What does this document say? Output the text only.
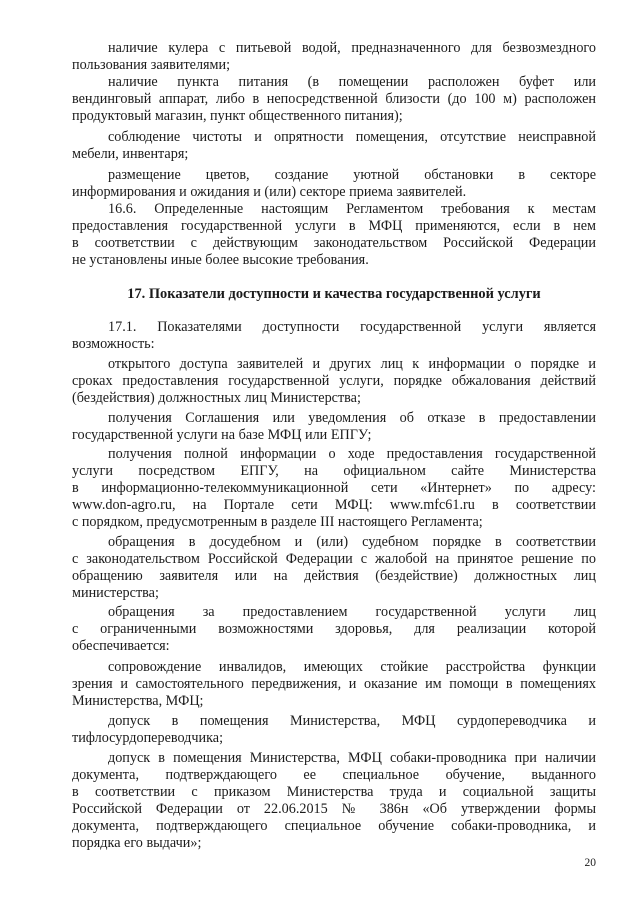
наличие кулера с питьевой водой, предназначенного для безвозмездного
пользования заявителями;
наличие пункта питания (в помещении расположен буфет или
вендинговый аппарат, либо в непосредственной близости (до 100 м) расположен
продуктовый магазин, пункт общественного питания);
соблюдение чистоты и опрятности помещения, отсутствие неисправной
мебели, инвентаря;
размещение цветов, создание уютной обстановки в секторе
информирования и ожидания и (или) секторе приема заявителей.
16.6. Определенные настоящим Регламентом требования к местам
предоставления государственной услуги в МФЦ применяются, если в нем
в соответствии с действующим законодательством Российской Федерации
не установлены иные более высокие требования.
17. Показатели доступности и качества государственной услуги
17.1. Показателями доступности государственной услуги является
возможность:
открытого доступа заявителей и других лиц к информации о порядке и
сроках предоставления государственной услуги, порядке обжалования действий
(бездействия) должностных лиц Министерства;
получения Соглашения или уведомления об отказе в предоставлении
государственной услуги на базе МФЦ или ЕПГУ;
получения полной информации о ходе предоставления государственной
услуги посредством ЕПГУ, на официальном сайте Министерства
в информационно-телекоммуникационной сети «Интернет» по адресу:
www.don-agro.ru, на Портале сети МФЦ: www.mfc61.ru в соответствии
с порядком, предусмотренным в разделе III настоящего Регламента;
обращения в досудебном и (или) судебном порядке в соответствии
с законодательством Российской Федерации с жалобой на принятое решение по
обращению заявителя или на действия (бездействие) должностных лиц
министерства;
обращения за предоставлением государственной услуги лиц
с ограниченными возможностями здоровья, для реализации которой
обеспечивается:
сопровождение инвалидов, имеющих стойкие расстройства функции
зрения и самостоятельного передвижения, и оказание им помощи в помещениях
Министерства, МФЦ;
допуск в помещения Министерства, МФЦ сурдопереводчика и
тифлосурдопереводчика;
допуск в помещения Министерства, МФЦ собаки-проводника при наличии
документа, подтверждающего ее специальное обучение, выданного
в соответствии с приказом Министерства труда и социальной защиты
Российской Федерации от 22.06.2015 № 386н «Об утверждении формы
документа, подтверждающего специальное обучение собаки-проводника, и
порядка его выдачи»;
20
